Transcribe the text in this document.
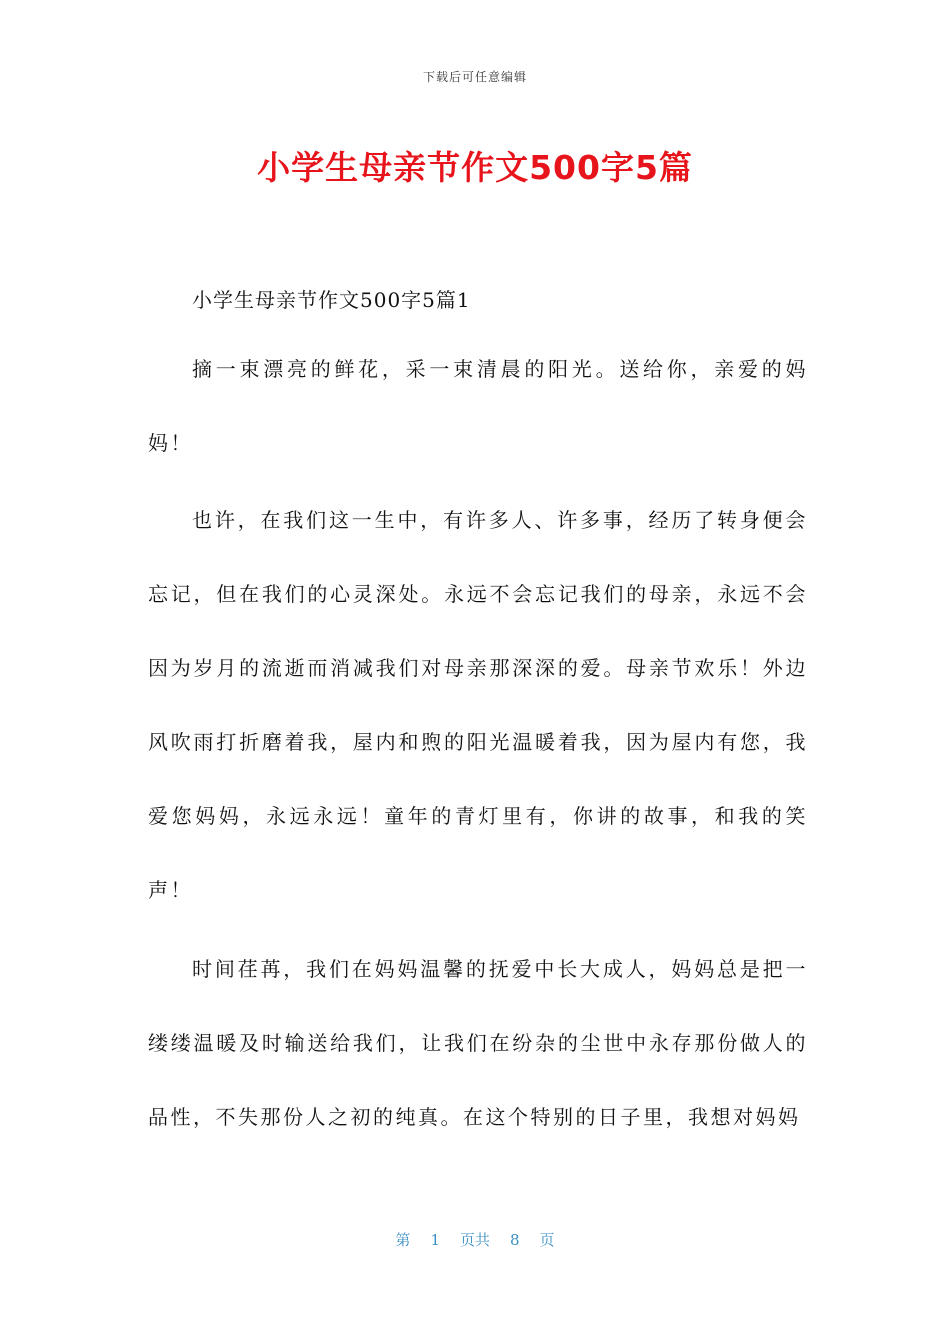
下载后可任意编辑
小学生母亲节作文500字5篇
小学生母亲节作文500字5篇1

摘一束漂亮的鲜花，采一束清晨的阳光。送给你，亲爱的妈妈！

也许，在我们这一生中，有许多人、许多事，经历了转身便会忘记，但在我们的心灵深处。永远不会忘记我们的母亲，永远不会因为岁月的流逝而消减我们对母亲那深深的爱。母亲节欢乐！外边风吹雨打折磨着我，屋内和煦的阳光温暖着我，因为屋内有您，我爱您妈妈，永远永远！童年的青灯里有，你讲的故事，和我的笑声！

时间荏苒，我们在妈妈温馨的抚爱中长大成人，妈妈总是把一缕缕温暖及时输送给我们，让我们在纷杂的尘世中永存那份做人的品性，不失那份人之初的纯真。在这个特别的日子里，我想对妈妈

第 1 页共 8 页
